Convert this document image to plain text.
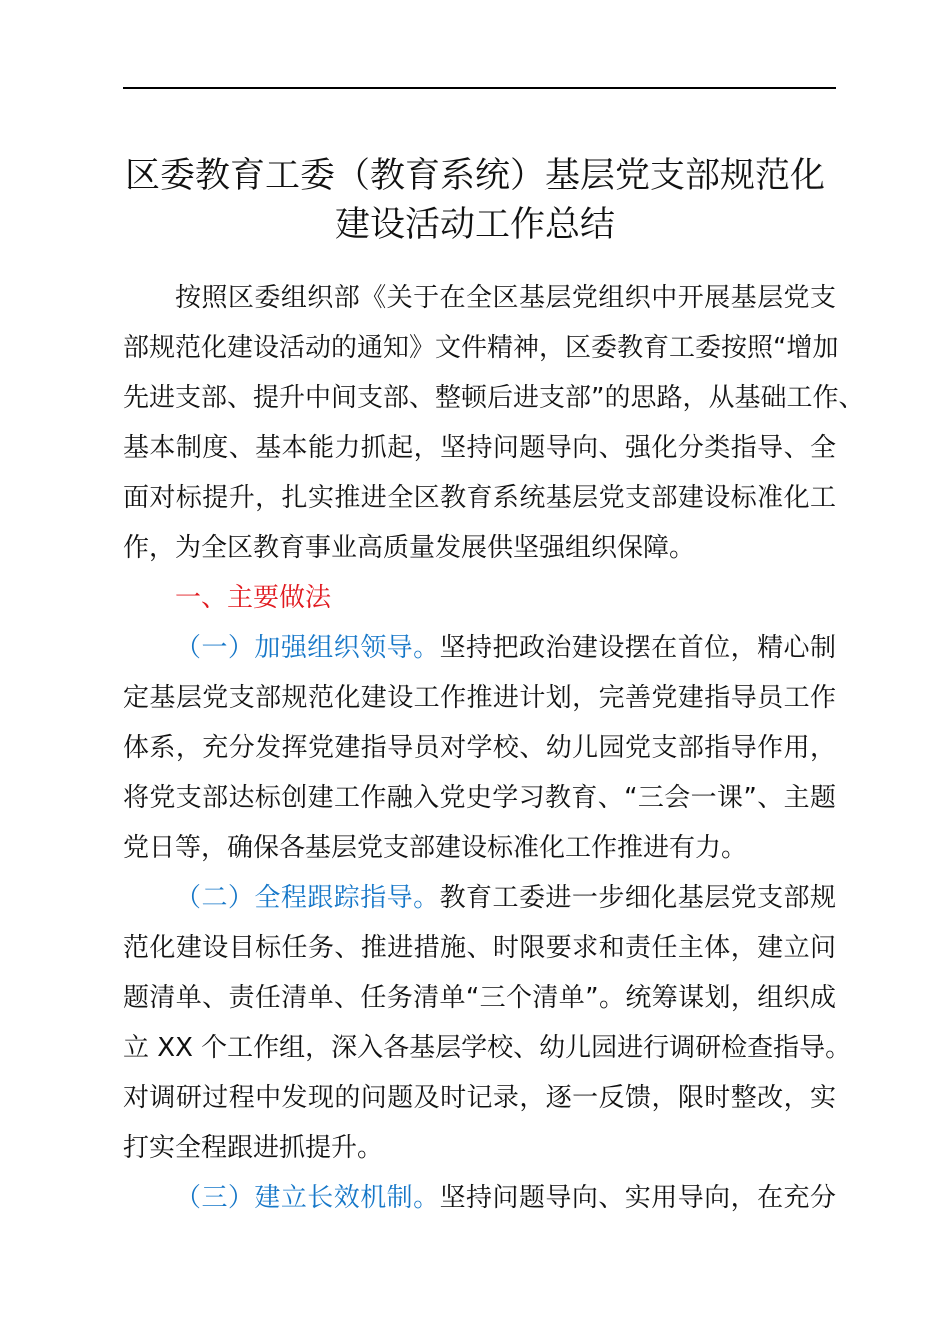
区委教育工委（教育系统）基层党支部规范化
建设活动工作总结
按照区委组织部《关于在全区基层党组织中开展基层党支
部规范化建设活动的通知》文件精神，区委教育工委按照“增加
先进支部、提升中间支部、整顿后进支部”的思路，从基础工作、
基本制度、基本能力抓起，坚持问题导向、强化分类指导、全
面对标提升，扎实推进全区教育系统基层党支部建设标准化工
作，为全区教育事业高质量发展供坚强组织保障。
一、主要做法
（一）加强组织领导。坚持把政治建设摆在首位，精心制
定基层党支部规范化建设工作推进计划，完善党建指导员工作
体系，充分发挥党建指导员对学校、幼儿园党支部指导作用，
将党支部达标创建工作融入党史学习教育、“三会一课”、主题
党日等，确保各基层党支部建设标准化工作推进有力。
（二）全程跟踪指导。教育工委进一步细化基层党支部规
范化建设目标任务、推进措施、时限要求和责任主体，建立问
题清单、责任清单、任务清单“三个清单”。统筹谋划，组织成
立 XX 个工作组，深入各基层学校、幼儿园进行调研检查指导。
对调研过程中发现的问题及时记录，逐一反馈，限时整改，实
打实全程跟进抓提升。
（三）建立长效机制。坚持问题导向、实用导向，在充分
